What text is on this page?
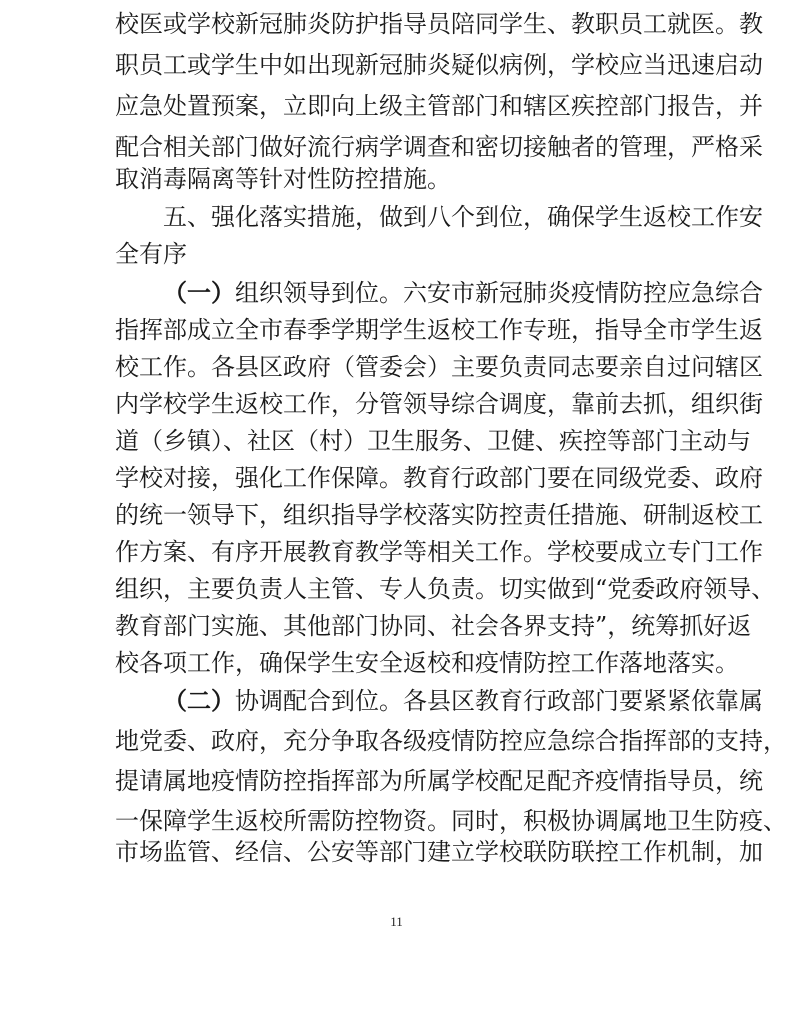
校医或学校新冠肺炎防护指导员陪同学生、教职员工就医。教
职员工或学生中如出现新冠肺炎疑似病例，学校应当迅速启动
应急处置预案，立即向上级主管部门和辖区疾控部门报告，并
配合相关部门做好流行病学调查和密切接触者的管理，严格采
取消毒隔离等针对性防控措施。
五、强化落实措施，做到八个到位，确保学生返校工作安
全有序
（一）组织领导到位。六安市新冠肺炎疫情防控应急综合
指挥部成立全市春季学期学生返校工作专班，指导全市学生返
校工作。各县区政府（管委会）主要负责同志要亲自过问辖区
内学校学生返校工作，分管领导综合调度，靠前去抓，组织街
道（乡镇）、社区（村）卫生服务、卫健、疾控等部门主动与
学校对接，强化工作保障。教育行政部门要在同级党委、政府
的统一领导下，组织指导学校落实防控责任措施、研制返校工
作方案、有序开展教育教学等相关工作。学校要成立专门工作
组织，主要负责人主管、专人负责。切实做到“党委政府领导、
教育部门实施、其他部门协同、社会各界支持”，统筹抓好返
校各项工作，确保学生安全返校和疫情防控工作落地落实。
（二）协调配合到位。各县区教育行政部门要紧紧依靠属
地党委、政府，充分争取各级疫情防控应急综合指挥部的支持，
提请属地疫情防控指挥部为所属学校配足配齐疫情指导员，统
一保障学生返校所需防控物资。同时，积极协调属地卫生防疫、
市场监管、经信、公安等部门建立学校联防联控工作机制，加
11
